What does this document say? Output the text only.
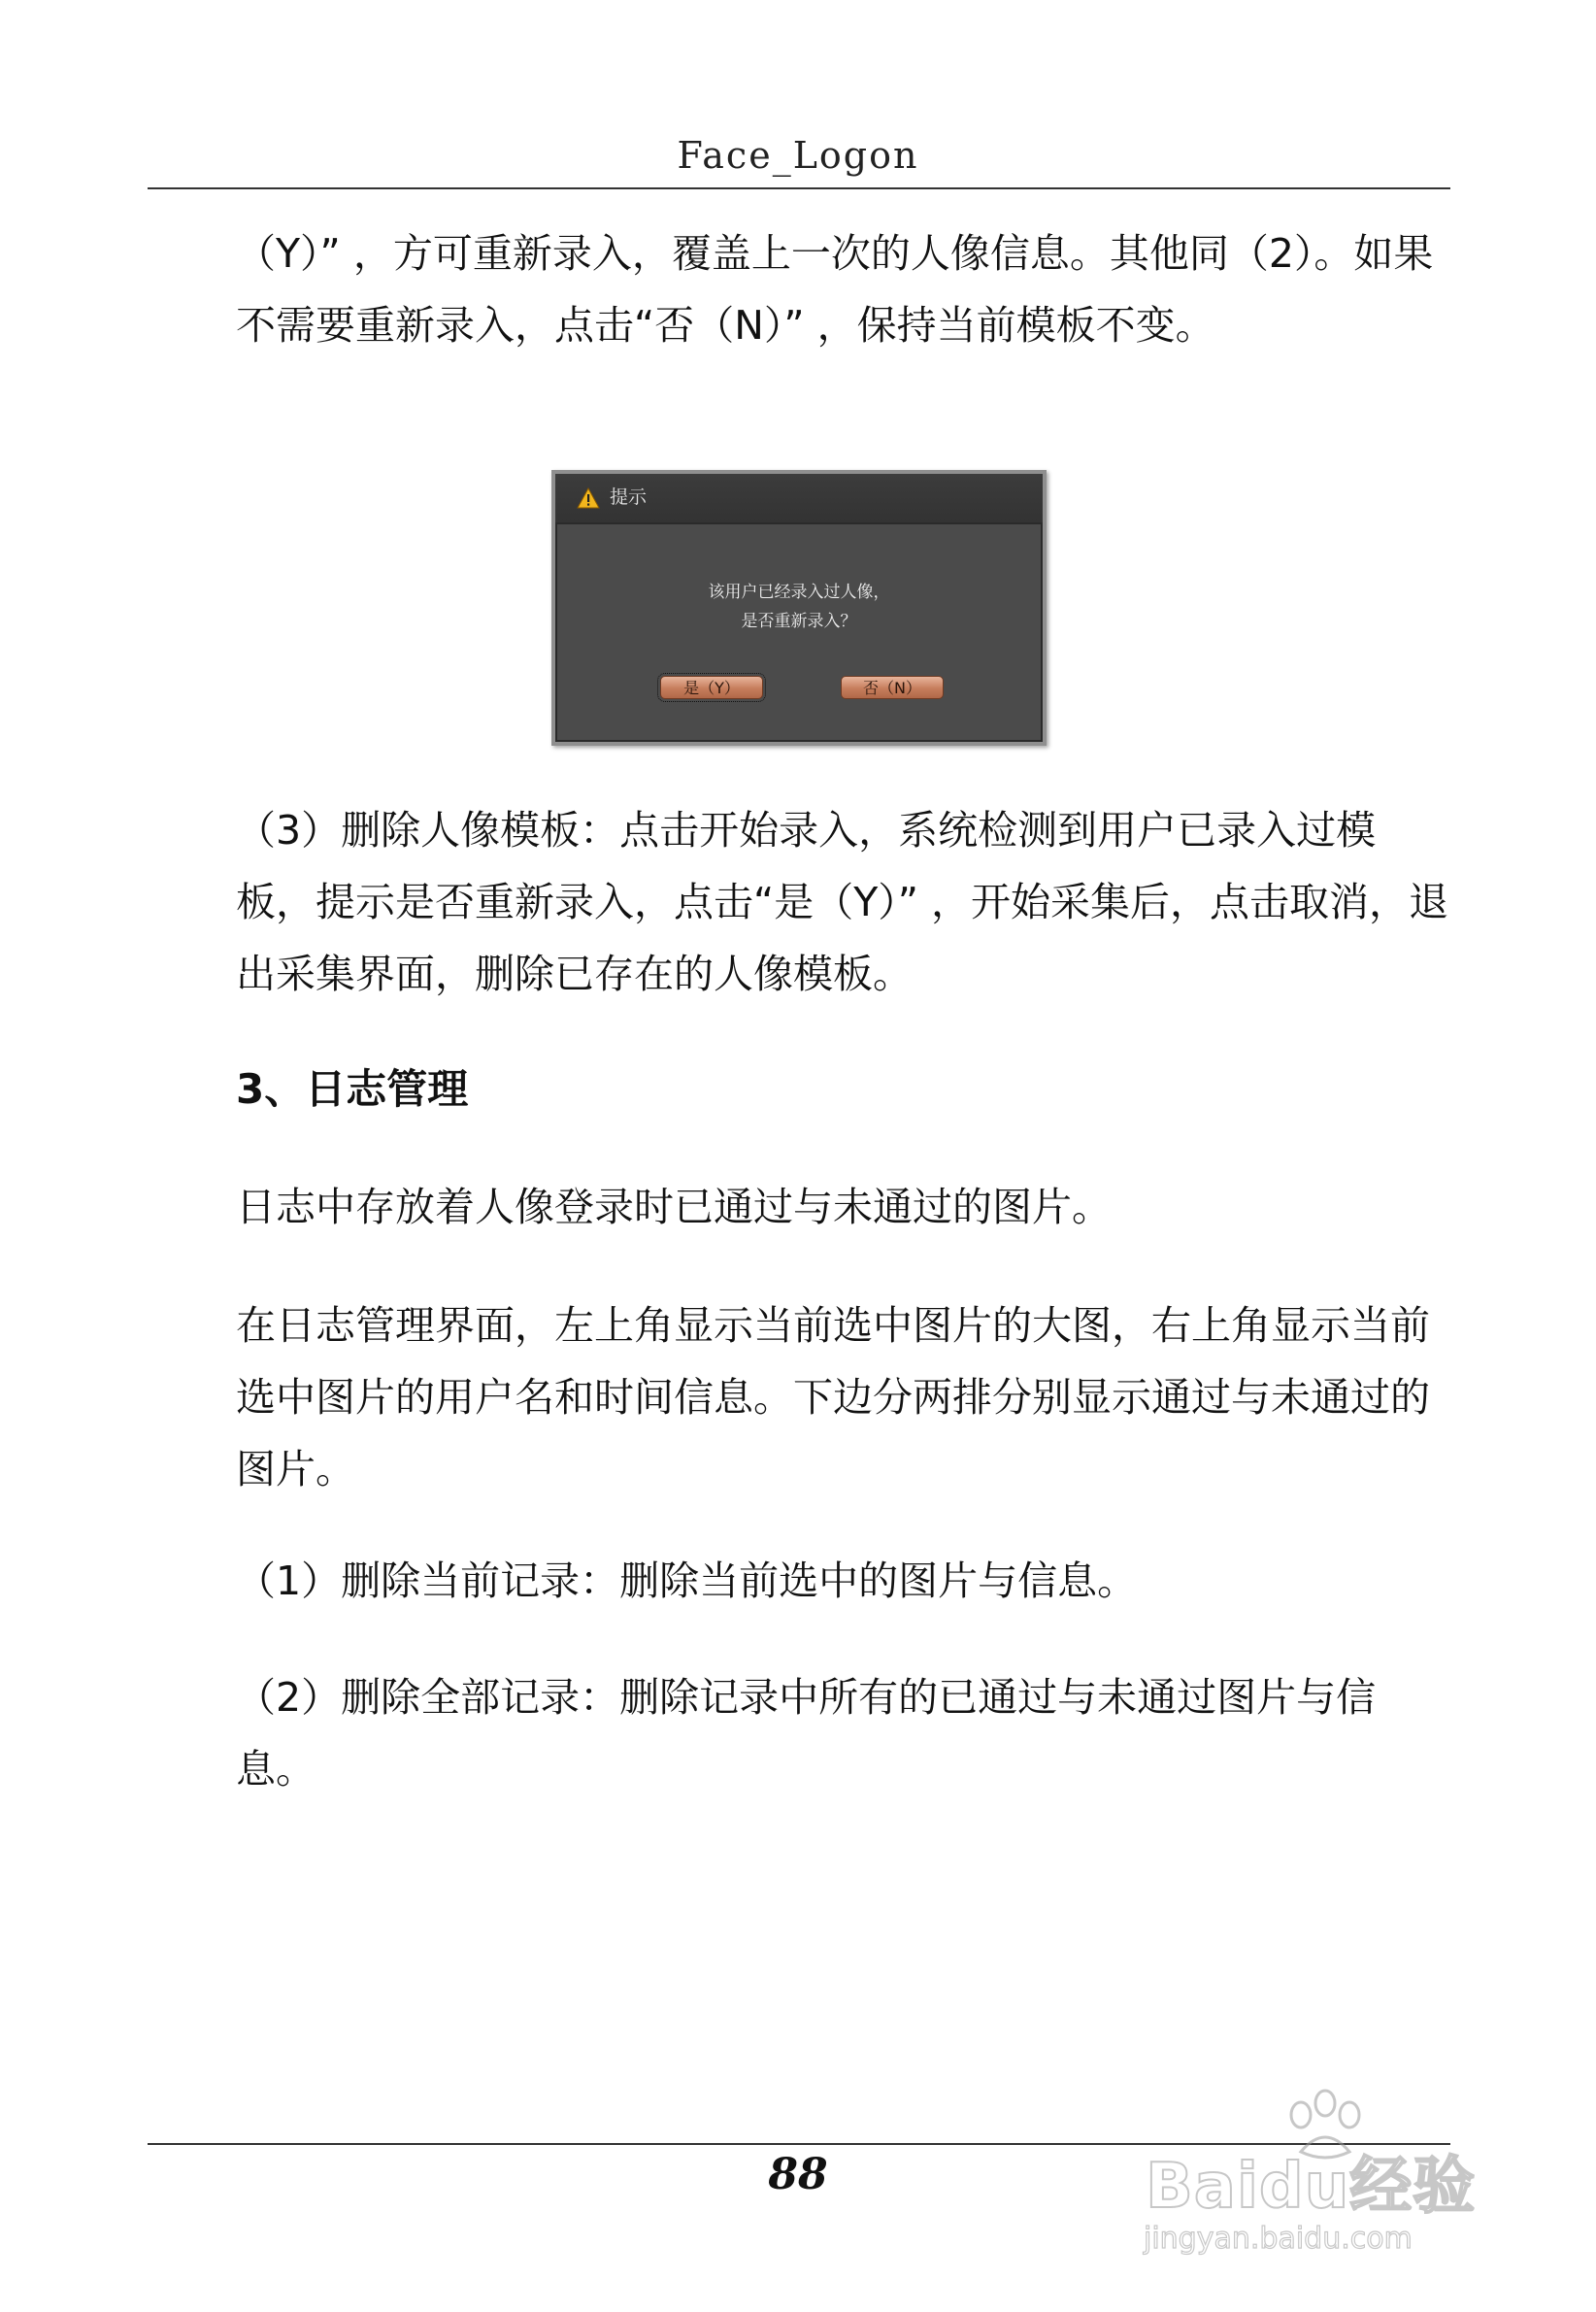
Face_Logon

（Y）” ，方可重新录入，覆盖上一次的人像信息。其他同（2）。如果不需要重新录入，点击“否（N）” ，保持当前模板不变。

提示
该用户已经录入过人像，
是否重新录入？
是（Y）	否（N）

（3）删除人像模板：点击开始录入，系统检测到用户已录入过模板，提示是否重新录入，点击“是（Y）” ，开始采集后，点击取消，退出采集界面，删除已存在的人像模板。

3、日志管理

日志中存放着人像登录时已通过与未通过的图片。

在日志管理界面，左上角显示当前选中图片的大图，右上角显示当前选中图片的用户名和时间信息。下边分两排分别显示通过与未通过的图片。

（1）删除当前记录：删除当前选中的图片与信息。

（2）删除全部记录：删除记录中所有的已通过与未通过图片与信息。

88	Baidu经验
jingyan.baidu.com
